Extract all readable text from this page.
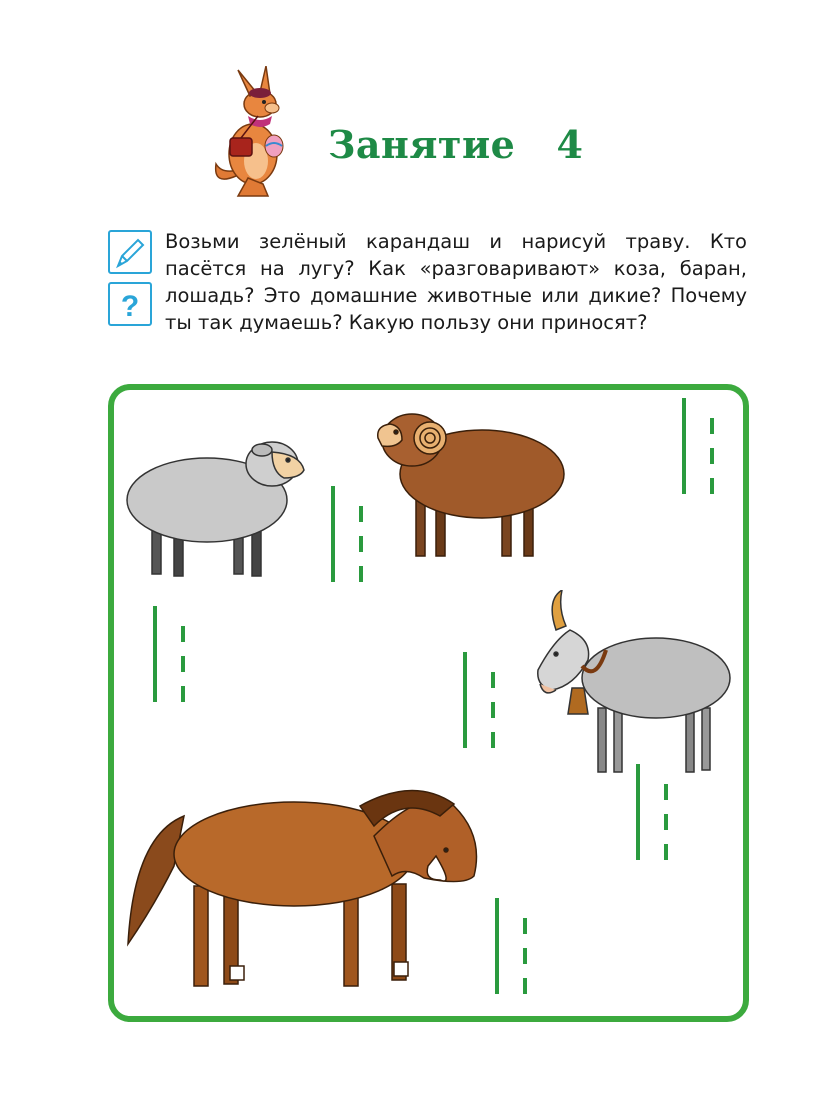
Занятие   4
?
Возьми зелёный карандаш и нарисуй траву. Кто пасётся на лугу? Как «разговаривают» коза, баран, лошадь? Это домашние животные или дикие? Почему ты так думаешь? Какую пользу они приносят?
